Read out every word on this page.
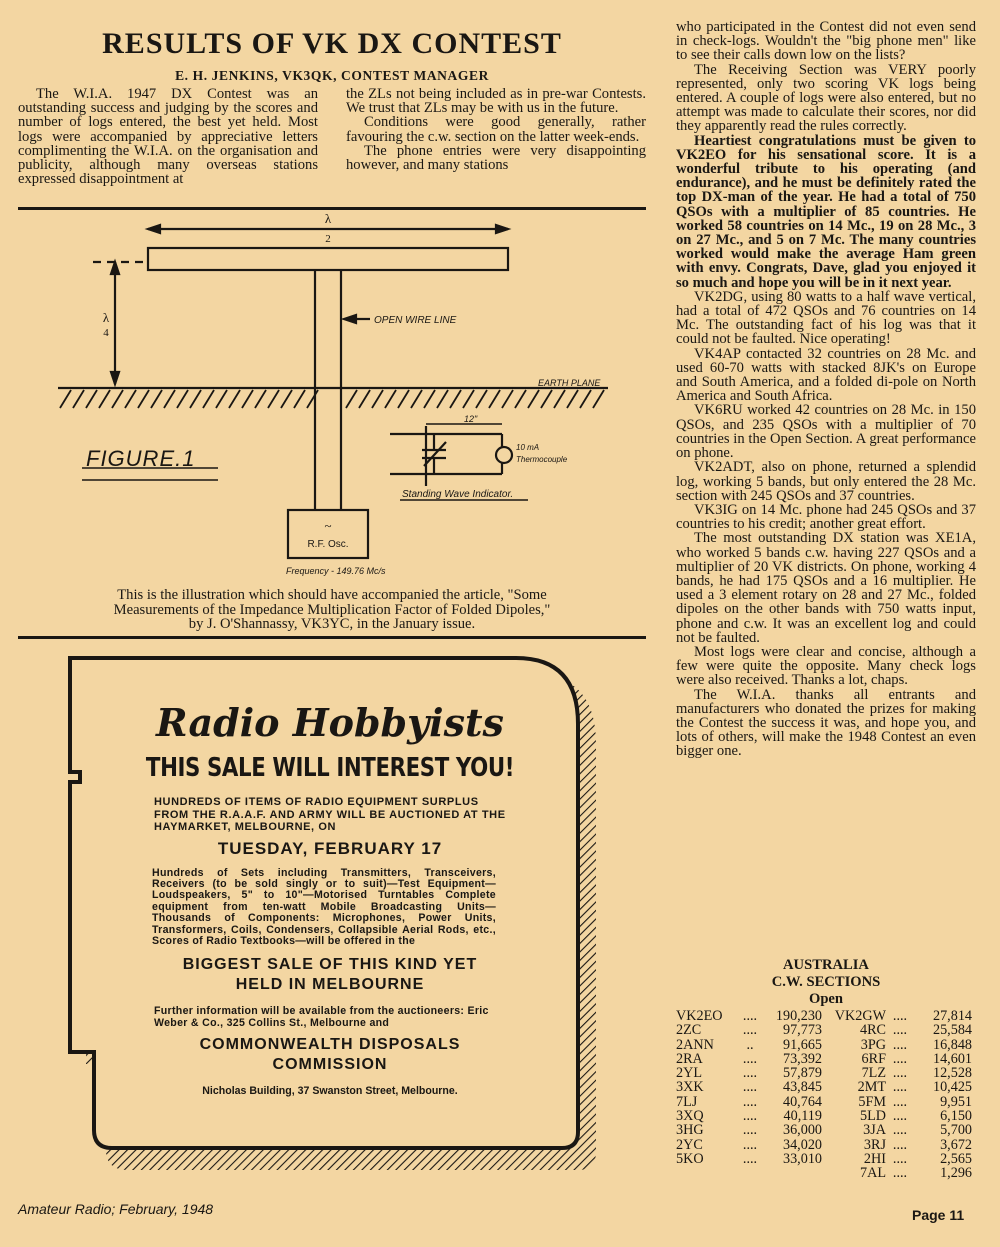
RESULTS OF VK DX CONTEST
E. H. JENKINS, VK3QK, CONTEST MANAGER

The W.I.A. 1947 DX Contest was an outstanding success and judging by the scores and number of logs entered, the best yet held. Most logs were accompanied by appreciative letters complimenting the W.I.A. on the organisation and publicity, although many overseas stations expressed disappointment at

the ZLs not being included as in pre-war Contests. We trust that ZLs may be with us in the future.

Conditions were good generally, rather favouring the c.w. section on the latter week-ends.

The phone entries were very disappointing however, and many stations

who participated in the Contest did not even send in check-logs. Wouldn't the "big phone men" like to see their calls down low on the lists?

The Receiving Section was VERY poorly represented, only two scoring VK logs being entered. A couple of logs were also entered, but no attempt was made to calculate their scores, nor did they apparently read the rules correctly.

Heartiest congratulations must be given to VK2EO for his sensational score. It is a wonderful tribute to his operating (and endurance), and he must be definitely rated the top DX-man of the year. He had a total of 750 QSOs with a multiplier of 85 countries. He worked 58 countries on 14 Mc., 19 on 28 Mc., 3 on 27 Mc., and 5 on 7 Mc. The many countries worked would make the average Ham green with envy. Congrats, Dave, glad you enjoyed it so much and hope you will be in it next year.

VK2DG, using 80 watts to a half wave vertical, had a total of 472 QSOs and 76 countries on 14 Mc. The outstanding fact of his log was that it could not be faulted. Nice operating!

VK4AP contacted 32 countries on 28 Mc. and used 60-70 watts with stacked 8JK's on Europe and South America, and a folded di-pole on North America and South Africa.

VK6RU worked 42 countries on 28 Mc. in 150 QSOs, and 235 QSOs with a multiplier of 70 countries in the Open Section. A great performance on phone.

VK2ADT, also on phone, returned a splendid log, working 5 bands, but only entered the 28 Mc. section with 245 QSOs and 37 countries.

VK3IG on 14 Mc. phone had 245 QSOs and 37 countries to his credit; another great effort.

The most outstanding DX station was XE1A, who worked 5 bands c.w. having 227 QSOs and a multiplier of 20 VK districts. On phone, working 4 bands, he had 175 QSOs and a 16 multiplier. He used a 3 element rotary on 28 and 27 Mc., folded dipoles on the other bands with 750 watts input, phone and c.w. It was an excellent log and could not be faulted.

Most logs were clear and concise, although a few were quite the opposite. Many check logs were also received. Thanks a lot, chaps.

The W.I.A. thanks all entrants and manufacturers who donated the prizes for making the Contest the success it was, and hope you, and lots of others, will make the 1948 Contest an even bigger one.

λ
2
λ
4
OPEN WIRE LINE
EARTH PLANE
FIGURE.1
12"
10 mA
Thermocouple
Standing Wave Indicator.
~
R.F. Osc.
Frequency - 149.76 Mc/s

This is the illustration which should have accompanied the article, "Some

Measurements of the Impedance Multiplication Factor of Folded Dipoles,"

by J. O'Shannassy, VK3YC, in the January issue.

Radio Hobbyists
THIS SALE WILL INTEREST YOU!

HUNDREDS OF ITEMS OF RADIO EQUIPMENT SURPLUS FROM THE R.A.A.F. AND ARMY WILL BE AUCTIONED AT THE HAYMARKET, MELBOURNE, ON

TUESDAY, FEBRUARY 17

Hundreds of Sets including Transmitters, Transceivers, Receivers (to be sold singly or to suit)—Test Equipment—Loudspeakers, 5" to 10"—Motorised Turntables Complete equipment from ten-watt Mobile Broadcasting Units—Thousands of Components: Microphones, Power Units, Transformers, Coils, Condensers, Collapsible Aerial Rods, etc., Scores of Radio Textbooks—will be offered in the

BIGGEST SALE OF THIS KIND YET
HELD IN MELBOURNE

Further information will be available from the auctioneers: Eric Weber & Co., 325 Collins St., Melbourne and

COMMONWEALTH DISPOSALS
COMMISSION

Nicholas Building, 37 Swanston Street, Melbourne.

AUSTRALIA
C.W. SECTIONS
Open
VK2EO	....	190,230 VK2GW ....	27,814
2ZC	....	97,773	4RC ....	25,584
2ANN	..	91,665	3PG ....	16,848
2RA	....	73,392	6RF ....	14,601
2YL	....	57,879	7LZ ....	12,528
3XK	....	43,845	2MT ....	10,425
7LJ	....	40,764	5FM ....	9,951
3XQ	....	40,119	5LD ....	6,150
3HG	....	36,000	3JA ....	5,700
2YC	....	34,020	3RJ ....	3,672
5KO	....	33,010	2HI ....	2,565
7AL ....	1,296
Amateur Radio; February, 1948	Page 11
